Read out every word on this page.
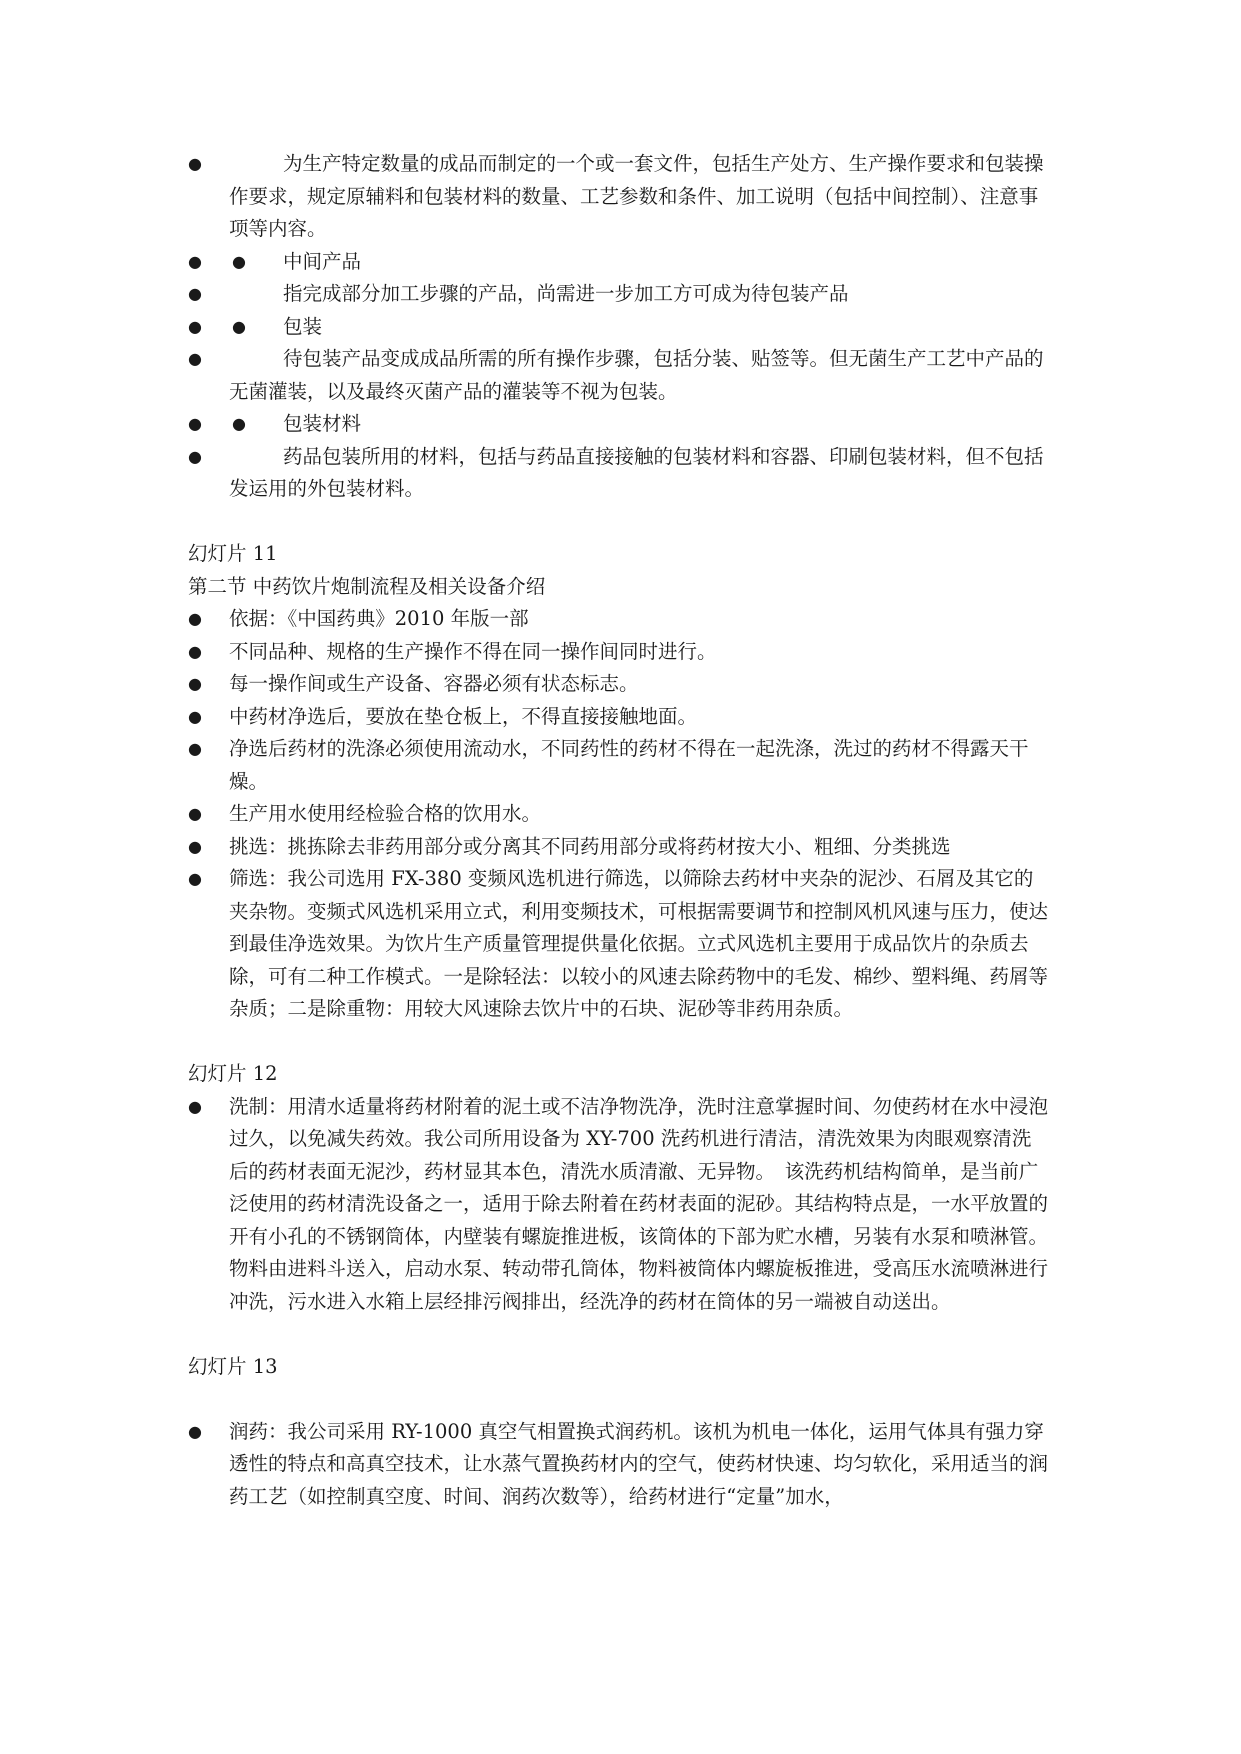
●	为生产特定数量的成品而制定的一个或一套文件，包括生产处方、生产操作要求和包装操作要求，规定原辅料和包装材料的数量、工艺参数和条件、加工说明（包括中间控制）、注意事项等内容。
●	● 中间产品
●	指完成部分加工步骤的产品，尚需进一步加工方可成为待包装产品
●	● 包装
●	待包装产品变成成品所需的所有操作步骤，包括分装、贴签等。但无菌生产工艺中产品的无菌灌装，以及最终灭菌产品的灌装等不视为包装。
●	● 包装材料
●	药品包装所用的材料，包括与药品直接接触的包装材料和容器、印刷包装材料，但不包括发运用的外包装材料。
幻灯片 11
第二节 中药饮片炮制流程及相关设备介绍
●	依据：《中国药典》2010 年版一部
●	不同品种、规格的生产操作不得在同一操作间同时进行。
●	每一操作间或生产设备、容器必须有状态标志。
●	中药材净选后，要放在垫仓板上，不得直接接触地面。
●	净选后药材的洗涤必须使用流动水，不同药性的药材不得在一起洗涤，洗过的药材不得露天干燥。
●	生产用水使用经检验合格的饮用水。
●	挑选：挑拣除去非药用部分或分离其不同药用部分或将药材按大小、粗细、分类挑选
●	筛选：我公司选用 FX-380 变频风选机进行筛选，以筛除去药材中夹杂的泥沙、石屑及其它的夹杂物。变频式风选机采用立式，利用变频技术，可根据需要调节和控制风机风速与压力，使达到最佳净选效果。为饮片生产质量管理提供量化依据。立式风选机主要用于成品饮片的杂质去除，可有二种工作模式。一是除轻法：以较小的风速去除药物中的毛发、棉纱、塑料绳、药屑等杂质；二是除重物：用较大风速除去饮片中的石块、泥砂等非药用杂质。
幻灯片 12
●	洗制：用清水适量将药材附着的泥土或不洁净物洗净，洗时注意掌握时间、勿使药材在水中浸泡过久，以免减失药效。我公司所用设备为 XY-700 洗药机进行清洁，清洗效果为肉眼观察清洗后的药材表面无泥沙，药材显其本色，清洗水质清澈、无异物。　该洗药机结构简单，是当前广泛使用的药材清洗设备之一，适用于除去附着在药材表面的泥砂。其结构特点是，一水平放置的开有小孔的不锈钢筒体，内壁装有螺旋推进板，该筒体的下部为贮水槽，另装有水泵和喷淋管。物料由进料斗送入，启动水泵、转动带孔筒体，物料被筒体内螺旋板推进，受高压水流喷淋进行冲洗，污水进入水箱上层经排污阀排出，经洗净的药材在筒体的另一端被自动送出。
幻灯片 13
●	润药：我公司采用 RY-1000 真空气相置换式润药机。该机为机电一体化，运用气体具有强力穿透性的特点和高真空技术，让水蒸气置换药材内的空气，使药材快速、均匀软化，采用适当的润药工艺（如控制真空度、时间、润药次数等），给药材进行“定量”加水，
